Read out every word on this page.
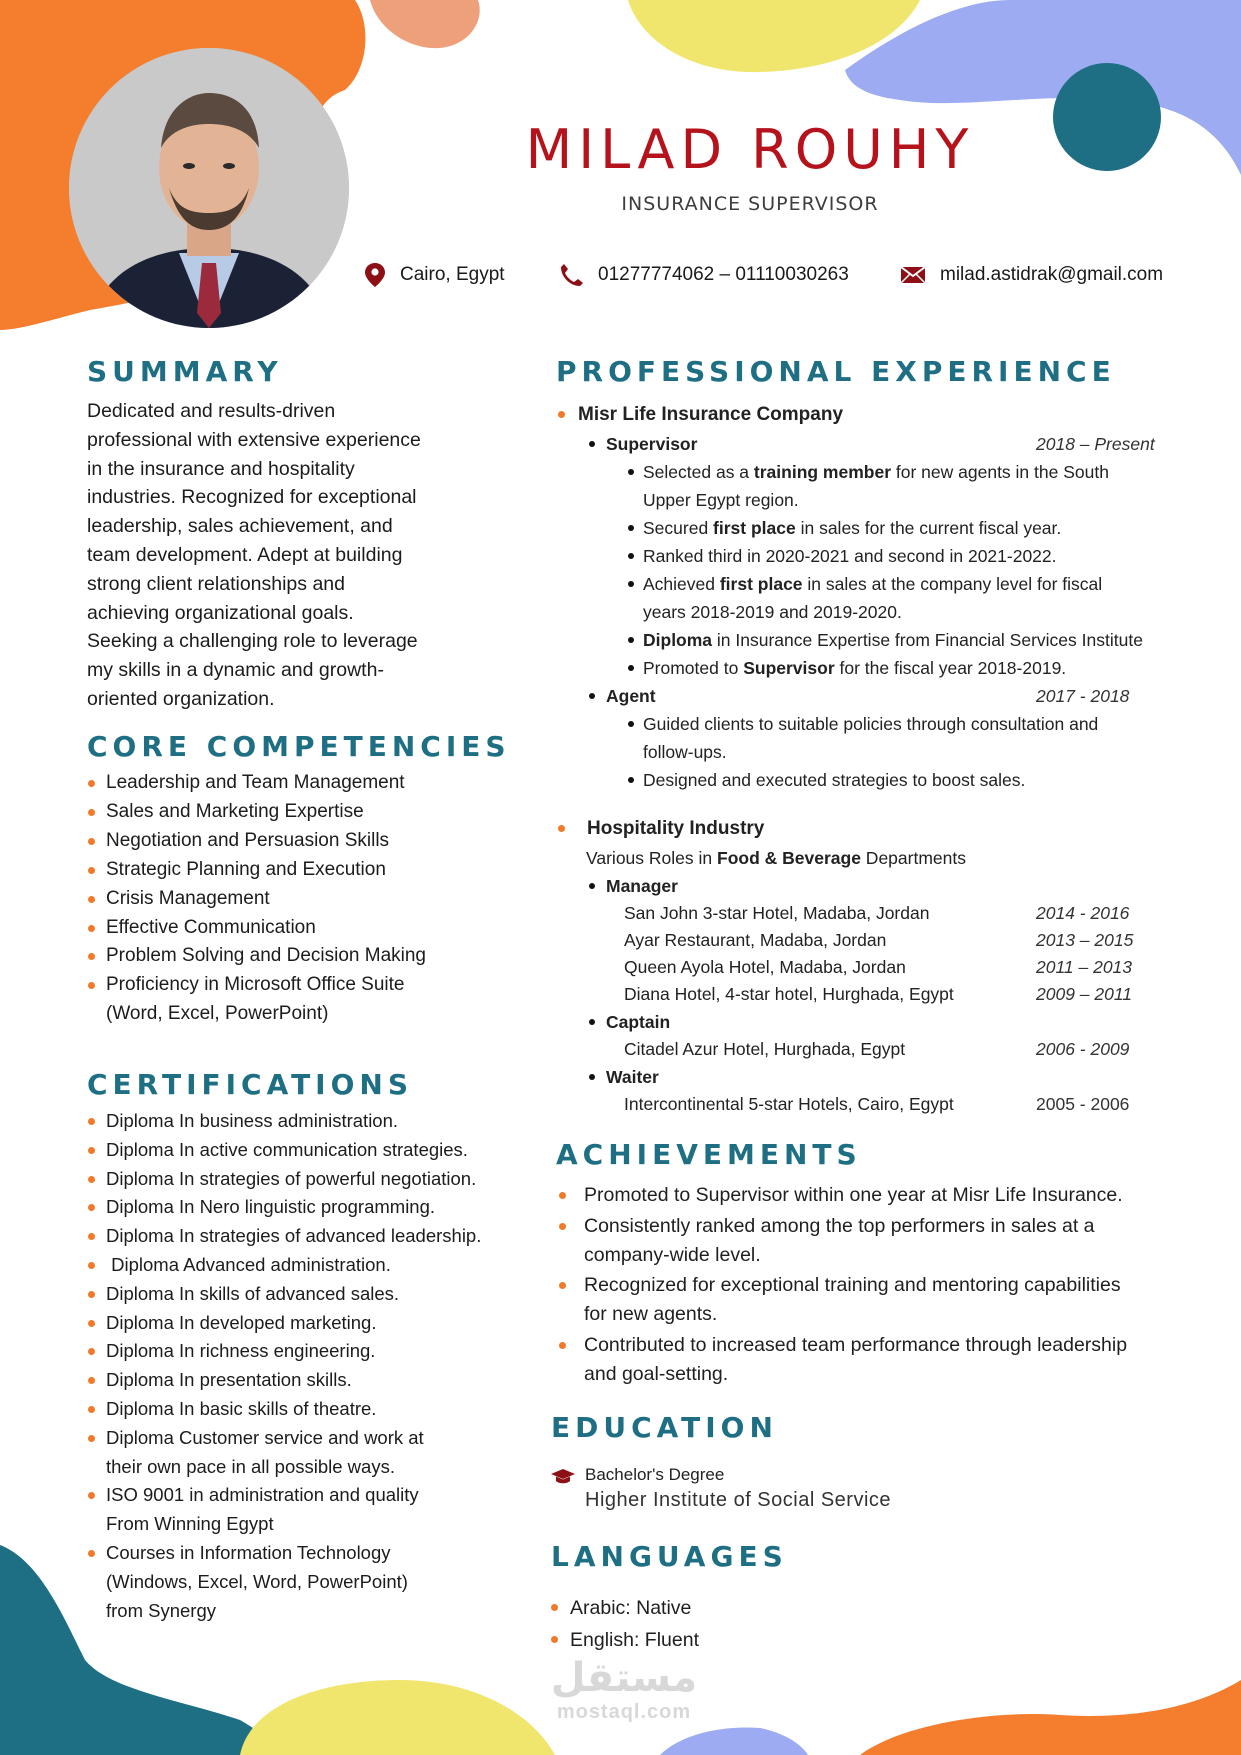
MILAD ROUHY
INSURANCE SUPERVISOR
Cairo, Egypt	01277774062 – 01110030263	milad.astidrak@gmail.com
SUMMARY
Dedicated and results-driven
professional with extensive experience
in the insurance and hospitality
industries. Recognized for exceptional
leadership, sales achievement, and
team development. Adept at building
strong client relationships and
achieving organizational goals.
Seeking a challenging role to leverage
my skills in a dynamic and growth-
oriented organization.
CORE COMPETENCIES
Leadership and Team Management
Sales and Marketing Expertise
Negotiation and Persuasion Skills
Strategic Planning and Execution
Crisis Management
Effective Communication
Problem Solving and Decision Making
Proficiency in Microsoft Office Suite
(Word, Excel, PowerPoint)
CERTIFICATIONS
Diploma In business administration.
Diploma In active communication strategies.
Diploma In strategies of powerful negotiation.
Diploma In Nero linguistic programming.
Diploma In strategies of advanced leadership.
Diploma Advanced administration.
Diploma In skills of advanced sales.
Diploma In developed marketing.
Diploma In richness engineering.
Diploma In presentation skills.
Diploma In basic skills of theatre.
Diploma Customer service and work at
their own pace in all possible ways.
ISO 9001 in administration and quality
From Winning Egypt
Courses in Information Technology
(Windows, Excel, Word, PowerPoint)
from Synergy
PROFESSIONAL EXPERIENCE
Misr Life Insurance Company
Supervisor	2018 – Present
Selected as a training member for new agents in the South
Upper Egypt region.
Secured first place in sales for the current fiscal year.
Ranked third in 2020-2021 and second in 2021-2022.
Achieved first place in sales at the company level for fiscal
years 2018-2019 and 2019-2020.
Diploma in Insurance Expertise from Financial Services Institute
Promoted to Supervisor for the fiscal year 2018-2019.
Agent	2017 - 2018
Guided clients to suitable policies through consultation and
follow-ups.
Designed and executed strategies to boost sales.
Hospitality Industry
Various Roles in Food & Beverage Departments
Manager
San John 3-star Hotel, Madaba, Jordan	2014 - 2016
Ayar Restaurant, Madaba, Jordan	2013 – 2015
Queen Ayola Hotel, Madaba, Jordan	2011 – 2013
Diana Hotel, 4-star hotel, Hurghada, Egypt	2009 – 2011
Captain
Citadel Azur Hotel, Hurghada, Egypt	2006 - 2009
Waiter
Intercontinental 5-star Hotels, Cairo, Egypt	2005 - 2006
ACHIEVEMENTS
Promoted to Supervisor within one year at Misr Life Insurance.
Consistently ranked among the top performers in sales at a
company-wide level.
Recognized for exceptional training and mentoring capabilities
for new agents.
Contributed to increased team performance through leadership
and goal-setting.
EDUCATION
Bachelor's Degree
Higher Institute of Social Service
LANGUAGES
Arabic: Native
English: Fluent
مستقل
mostaql.com
